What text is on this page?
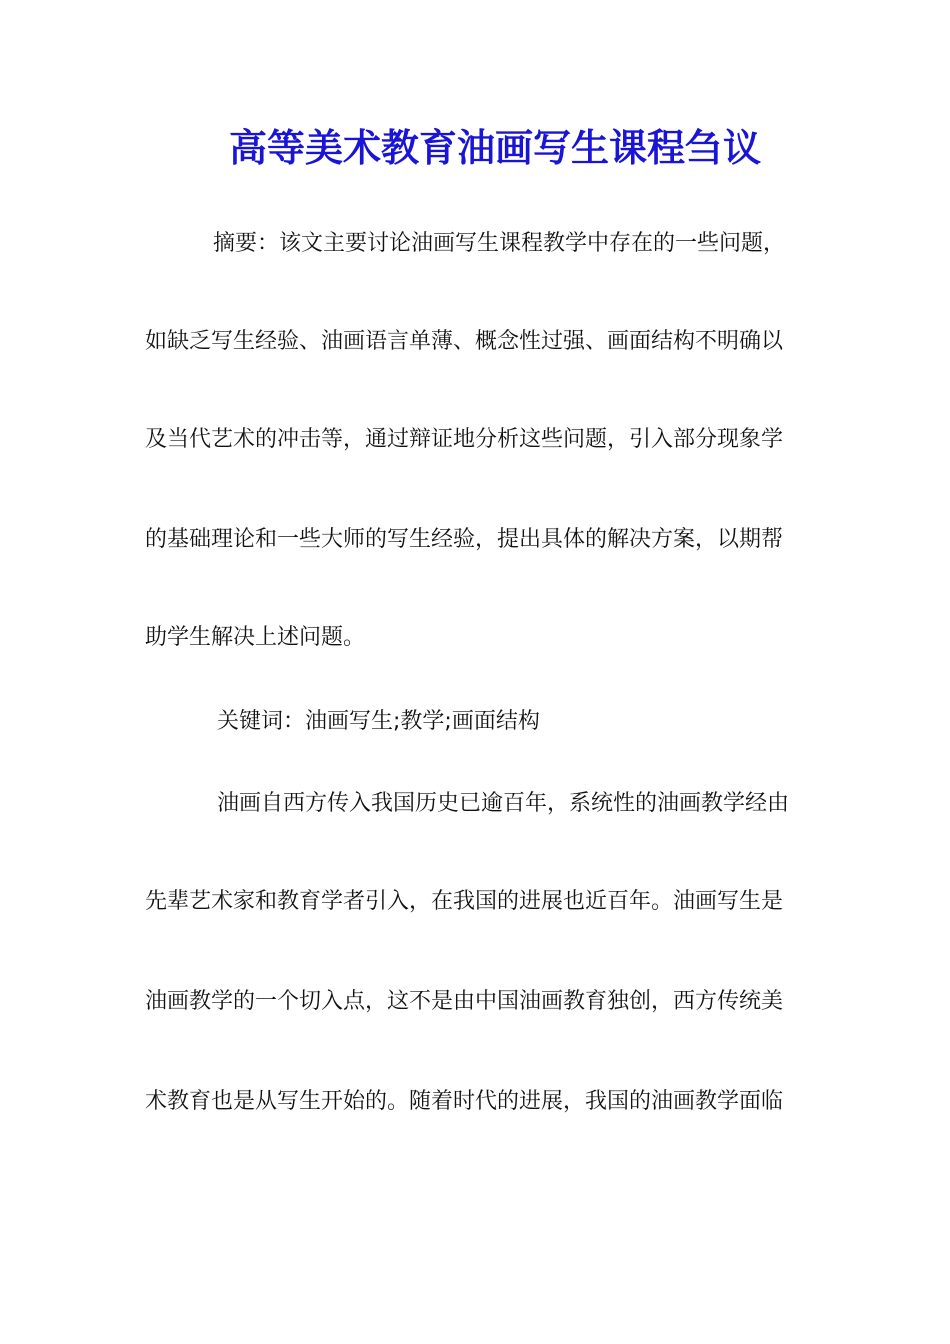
高等美术教育油画写生课程刍议
摘要：该文主要讨论油画写生课程教学中存在的一些问题，
如缺乏写生经验、油画语言单薄、概念性过强、画面结构不明确以
及当代艺术的冲击等，通过辩证地分析这些问题，引入部分现象学
的基础理论和一些大师的写生经验，提出具体的解决方案，以期帮
助学生解决上述问题。
关键词：油画写生;教学;画面结构
油画自西方传入我国历史已逾百年，系统性的油画教学经由
先辈艺术家和教育学者引入，在我国的进展也近百年。油画写生是
油画教学的一个切入点，这不是由中国油画教育独创，西方传统美
术教育也是从写生开始的。随着时代的进展，我国的油画教学面临
